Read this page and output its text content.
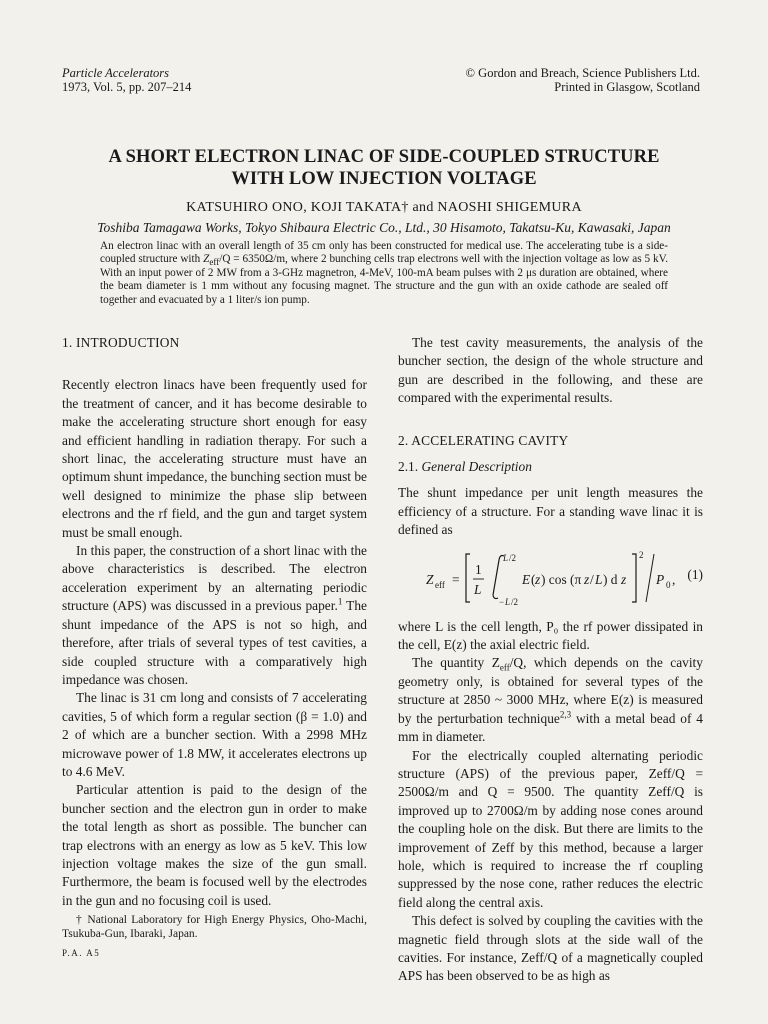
Particle Accelerators
1973, Vol. 5, pp. 207–214
© Gordon and Breach, Science Publishers Ltd.
Printed in Glasgow, Scotland
A SHORT ELECTRON LINAC OF SIDE-COUPLED STRUCTURE
WITH LOW INJECTION VOLTAGE
KATSUHIRO ONO, KOJI TAKATA† and NAOSHI SHIGEMURA
Toshiba Tamagawa Works, Tokyo Shibaura Electric Co., Ltd., 30 Hisamoto, Takatsu-Ku, Kawasaki, Japan
An electron linac with an overall length of 35 cm only has been constructed for medical use. The accelerating tube is a side-coupled structure with $Z_{eff}/Q = 6350\Omega/m$, where 2 bunching cells trap electrons well with the injection voltage as low as 5 kV. With an input power of 2 MW from a 3-GHz magnetron, 4-MeV, 100-mA beam pulses with 2 μs duration are obtained, where the beam diameter is 1 mm without any focusing magnet. The structure and the gun with an oxide cathode are sealed off together and evacuated by a 1 liter/s ion pump.

1. INTRODUCTION

Recently electron linacs have been frequently used for the treatment of cancer, and it has become desirable to make the accelerating structure short enough for easy and efficient handling in radiation therapy. For such a short linac, the accelerating structure must have an optimum shunt impedance, the bunching section must be well designed to minimize the phase slip between electrons and the rf field, and the gun and target system must be small enough.

In this paper, the construction of a short linac with the above characteristics is described. The electron acceleration experiment by an alternating periodic structure (APS) was discussed in a previous paper.$^1$ The shunt impedance of the APS is not so high, and therefore, after trials of several types of test cavities, a side coupled structure with a comparatively high impedance was chosen.

The linac is 31 cm long and consists of 7 accelerating cavities, 5 of which form a regular section (β = 1.0) and 2 of which are a buncher section. With a 2998 MHz microwave power of 1.8 MW, it accelerates electrons up to 4.6 MeV.

Particular attention is paid to the design of the buncher section and the electron gun in order to make the total length as short as possible. The buncher can trap electrons with an energy as low as 5 keV. This low injection voltage makes the size of the gun small. Furthermore, the beam is focused well by the electrodes in the gun and no focusing coil is used.

† National Laboratory for High Energy Physics, Oho-Machi, Tsukuba-Gun, Ibaraki, Japan.

P.A. A5

The test cavity measurements, the analysis of the buncher section, the design of the whole structure and gun are described in the following, and these are compared with the experimental results.

2. ACCELERATING CAVITY

2.1. General Description

The shunt impedance per unit length measures the efficiency of a structure. For a standing wave linac it is defined as

Z eff =
1
L
L /2
− L /2
E ( z ) cos (π z / L ) d z
2
P 0 , (1)

where L is the cell length, P₀ the rf power dissipated in the cell, E(z) the axial electric field.

The quantity $Z_{eff}/Q$, which depends on the cavity geometry only, is obtained for several types of the structure at 2850 ~ 3000 MHz, where E(z) is measured by the perturbation technique$^{2,3}$ with a metal bead of 4 mm in diameter.

For the electrically coupled alternating periodic structure (APS) of the previous paper, Zeff/Q = 2500Ω/m and Q = 9500. The quantity Zeff/Q is improved up to 2700Ω/m by adding nose cones around the coupling hole on the disk. But there are limits to the improvement of Zeff by this method, because a larger hole, which is required to increase the rf coupling suppressed by the nose cone, rather reduces the electric field along the central axis.

This defect is solved by coupling the cavities with the magnetic field through slots at the side wall of the cavities. For instance, Zeff/Q of a magnetically coupled APS has been observed to be as high as
